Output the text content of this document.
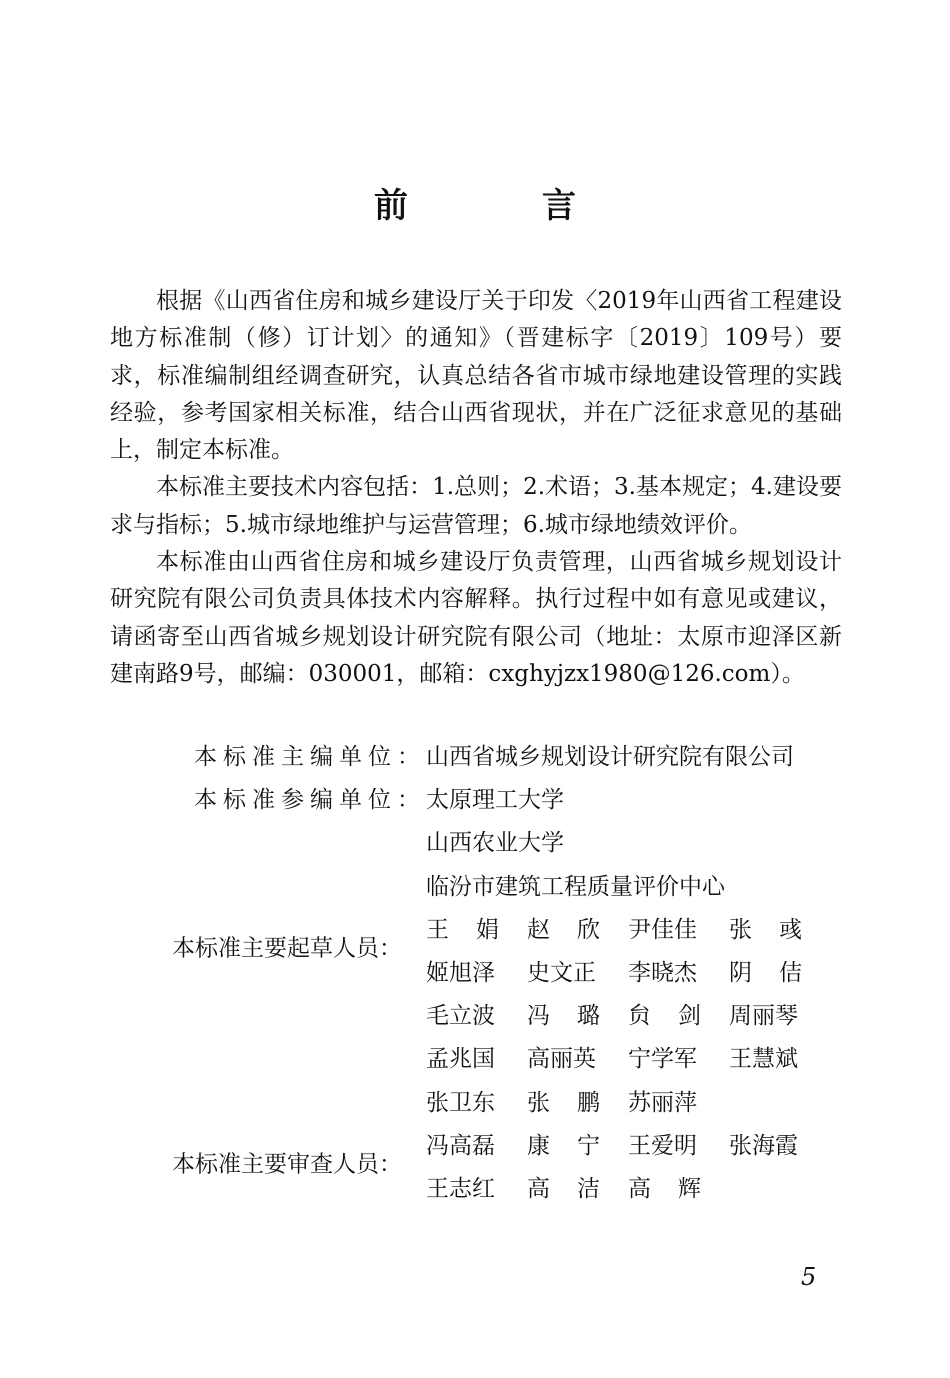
前　言

根据《山西省住房和城乡建设厅关于印发〈2019年山西省工程建设地方标准制（修）订计划〉的通知》（晋建标字〔2019〕109号）要求，标准编制组经调查研究，认真总结各省市城市绿地建设管理的实践经验，参考国家相关标准，结合山西省现状，并在广泛征求意见的基础上，制定本标准。

本标准主要技术内容包括：1.总则；2.术语；3.基本规定；4.建设要求与指标；5.城市绿地维护与运营管理；6.城市绿地绩效评价。

本标准由山西省住房和城乡建设厅负责管理，山西省城乡规划设计研究院有限公司负责具体技术内容解释。执行过程中如有意见或建议，请函寄至山西省城乡规划设计研究院有限公司（地址：太原市迎泽区新建南路9号，邮编：030001，邮箱：cxghyjzx1980@126.com）。

本标准主编单位： 山西省城乡规划设计研究院有限公司
本标准参编单位： 太原理工大学
山西农业大学
临汾市建筑工程质量评价中心
本标准主要起草人员：
王娟 赵欣 尹佳佳	张彧
姬旭泽	史文正	李晓杰	阴佶
毛立波	冯璐 贠剑 周丽琴
孟兆国	高丽英	宁学军	王慧斌
张卫东	张鹏 苏丽萍
本标准主要审查人员：
冯高磊	康宁 王爱明	张海霞
王志红	高洁 高辉
5
